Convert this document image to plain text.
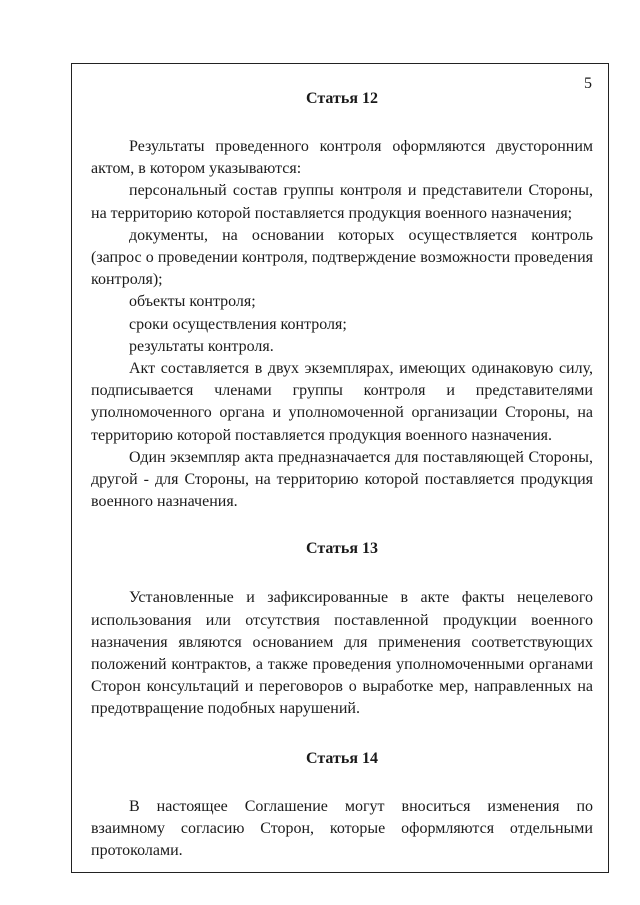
5
Статья 12

Результаты проведенного контроля оформляются двусторонним актом, в котором указываются:

персональный состав группы контроля и представители Стороны, на территорию которой поставляется продукция военного назначения;

документы, на основании которых осуществляется контроль (запрос о проведении контроля, подтверждение возможности проведения контроля);

объекты контроля;

сроки осуществления контроля;

результаты контроля.

Акт составляется в двух экземплярах, имеющих одинаковую силу, подписывается членами группы контроля и представителями уполномоченного органа и уполномоченной организации Стороны, на территорию которой поставляется продукция военного назначения.

Один экземпляр акта предназначается для поставляющей Стороны, другой - для Стороны, на территорию которой поставляется продукция военного назначения.

Статья 13

Установленные и зафиксированные в акте факты нецелевого использования или отсутствия поставленной продукции военного назначения являются основанием для применения соответствующих положений контрактов, а также проведения уполномоченными органами Сторон консультаций и переговоров о выработке мер, направленных на предотвращение подобных нарушений.

Статья 14

В настоящее Соглашение могут вноситься изменения по взаимному согласию Сторон, которые оформляются отдельными протоколами.
